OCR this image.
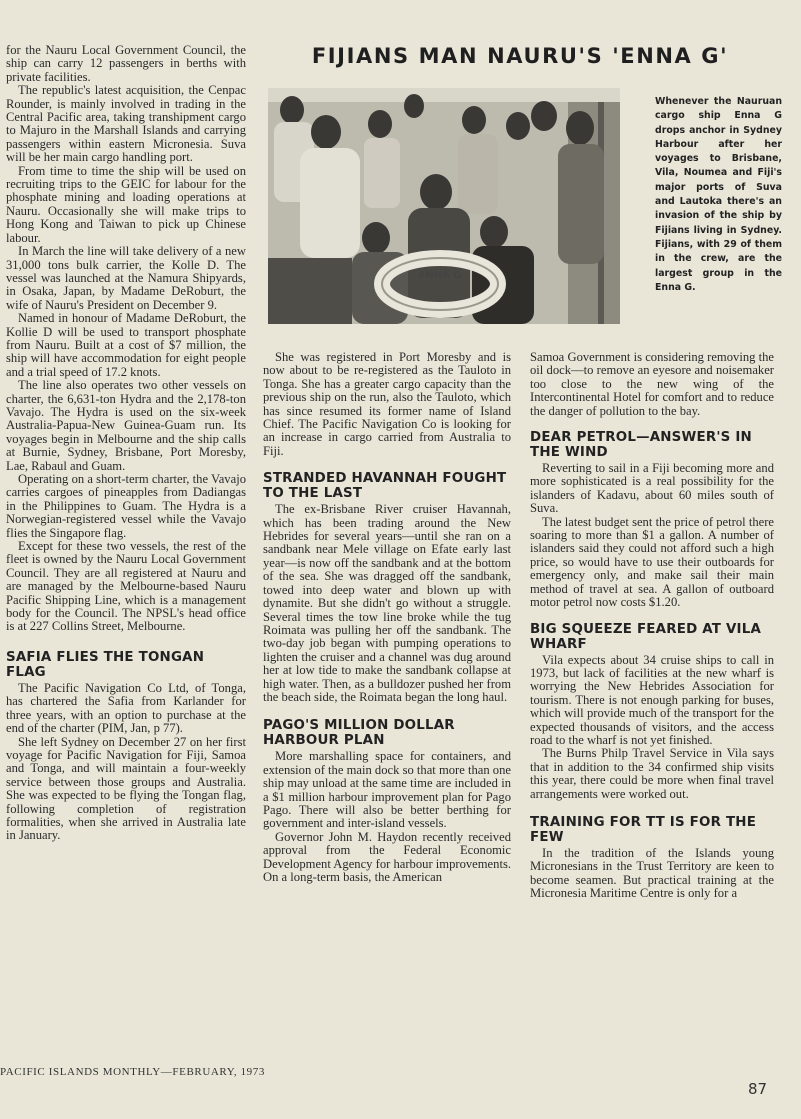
for the Nauru Local Government Council, the ship can carry 12 passengers in berths with private facilities.

The republic's latest acquisition, the Cenpac Rounder, is mainly involved in trading in the Central Pacific area, taking transhipment cargo to Majuro in the Marshall Islands and carrying passengers within eastern Micronesia. Suva will be her main cargo handling port.

From time to time the ship will be used on recruiting trips to the GEIC for labour for the phosphate mining and loading operations at Nauru. Occasionally she will make trips to Hong Kong and Taiwan to pick up Chinese labour.

In March the line will take delivery of a new 31,000 tons bulk carrier, the Kolle D. The vessel was launched at the Namura Shipyards, in Osaka, Japan, by Madame DeRoburt, the wife of Nauru's President on December 9.

Named in honour of Madame DeRoburt, the Kollie D will be used to transport phosphate from Nauru. Built at a cost of $7 million, the ship will have accommodation for eight people and a trial speed of 17.2 knots.

The line also operates two other vessels on charter, the 6,631-ton Hydra and the 2,178-ton Vavajo. The Hydra is used on the six-week Australia-Papua-New Guinea-Guam run. Its voyages begin in Melbourne and the ship calls at Burnie, Sydney, Brisbane, Port Moresby, Lae, Rabaul and Guam.

Operating on a short-term charter, the Vavajo carries cargoes of pineapples from Dadiangas in the Philippines to Guam. The Hydra is a Norwegian-registered vessel while the Vavajo flies the Singapore flag.

Except for these two vessels, the rest of the fleet is owned by the Nauru Local Government Council. They are all registered at Nauru and are managed by the Melbourne-based Nauru Pacific Shipping Line, which is a management body for the Council. The NPSL's head office is at 227 Collins Street, Melbourne.

SAFIA FLIES THE TONGAN FLAG

The Pacific Navigation Co Ltd, of Tonga, has chartered the Safia from Karlander for three years, with an option to purchase at the end of the charter (PIM, Jan, p 77).

She left Sydney on December 27 on her first voyage for Pacific Navigation for Fiji, Samoa and Tonga, and will maintain a four-weekly service between those groups and Australia. She was expected to be flying the Tongan flag, following completion of registration formalities, when she arrived in Australia late in January.

FIJIANS MAN NAURU'S 'ENNA G'
ENNA G
Whenever the Nauruan cargo ship Enna G drops anchor in Sydney Harbour after her voyages to Brisbane, Vila, Noumea and Fiji's major ports of Suva and Lautoka there's an invasion of the ship by Fijians living in Sydney. Fijians, with 29 of them in the crew, are the largest group in the Enna G.

She was registered in Port Moresby and is now about to be re-registered as the Tauloto in Tonga. She has a greater cargo capacity than the previous ship on the run, also the Tauloto, which has since resumed its former name of Island Chief. The Pacific Navigation Co is looking for an increase in cargo carried from Australia to Fiji.

STRANDED HAVANNAH FOUGHT TO THE LAST

The ex-Brisbane River cruiser Havannah, which has been trading around the New Hebrides for several years—until she ran on a sandbank near Mele village on Efate early last year—is now off the sandbank and at the bottom of the sea. She was dragged off the sandbank, towed into deep water and blown up with dynamite. But she didn't go without a struggle. Several times the tow line broke while the tug Roimata was pulling her off the sandbank. The two-day job began with pumping operations to lighten the cruiser and a channel was dug around her at low tide to make the sandbank collapse at high water. Then, as a bulldozer pushed her from the beach side, the Roimata began the long haul.

PAGO'S MILLION DOLLAR HARBOUR PLAN

More marshalling space for containers, and extension of the main dock so that more than one ship may unload at the same time are included in a $1 million harbour improvement plan for Pago Pago. There will also be better berthing for government and inter-island vessels.

Governor John M. Haydon recently received approval from the Federal Economic Development Agency for harbour improvements. On a long-term basis, the American

Samoa Government is considering removing the oil dock—to remove an eyesore and noisemaker too close to the new wing of the Intercontinental Hotel for comfort and to reduce the danger of pollution to the bay.

DEAR PETROL—ANSWER'S IN THE WIND

Reverting to sail in a Fiji becoming more and more sophisticated is a real possibility for the islanders of Kadavu, about 60 miles south of Suva.

The latest budget sent the price of petrol there soaring to more than $1 a gallon. A number of islanders said they could not afford such a high price, so would have to use their outboards for emergency only, and make sail their main method of travel at sea. A gallon of outboard motor petrol now costs $1.20.

BIG SQUEEZE FEARED AT VILA WHARF

Vila expects about 34 cruise ships to call in 1973, but lack of facilities at the new wharf is worrying the New Hebrides Association for tourism. There is not enough parking for buses, which will provide much of the transport for the expected thousands of visitors, and the access road to the wharf is not yet finished.

The Burns Philp Travel Service in Vila says that in addition to the 34 confirmed ship visits this year, there could be more when final travel arrangements were worked out.

TRAINING FOR TT IS FOR THE FEW

In the tradition of the Islands young Micronesians in the Trust Territory are keen to become seamen. But practical training at the Micronesia Maritime Centre is only for a

PACIFIC ISLANDS MONTHLY—FEBRUARY, 1973
87
